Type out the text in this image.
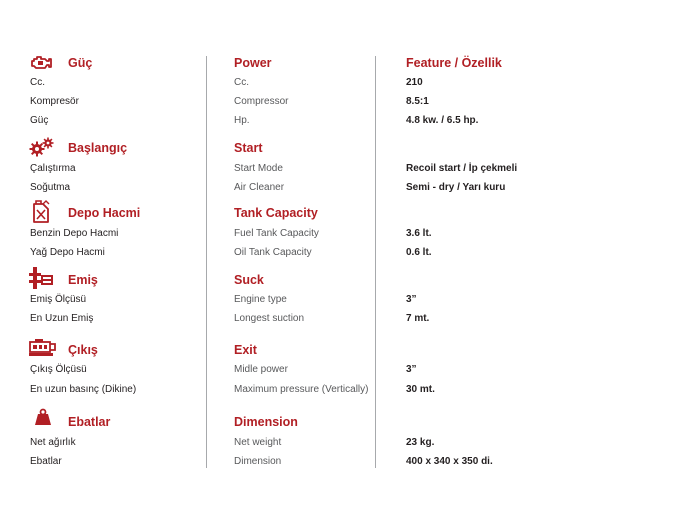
Güç	Power	Feature / Özellik
Cc.	Cc.	210
Kompresör	Compressor	8.5:1
Güç	Hp.	4.8 kw. / 6.5 hp.
Başlangıç	Start
Çalıştırma	Start Mode	Recoil start / İp çekmeli
Soğutma	Air Cleaner	Semi - dry / Yarı kuru
Depo Hacmi	Tank Capacity
Benzin Depo Hacmi	Fuel Tank Capacity	3.6 lt.
Yağ Depo Hacmi	Oil Tank Capacity	0.6 lt.
Emiş	Suck
Emiş Ölçüsü	Engine type	3”
En Uzun Emiş	Longest suction	7 mt.
Çıkış	Exit
Çıkış Ölçüsü	Midle power	3”
En uzun basınç (Dikine)	Maximum pressure (Vertically)	30 mt.
Ebatlar	Dimension
Net ağırlık	Net weight	23 kg.
Ebatlar	Dimension	400 x 340 x 350 di.
